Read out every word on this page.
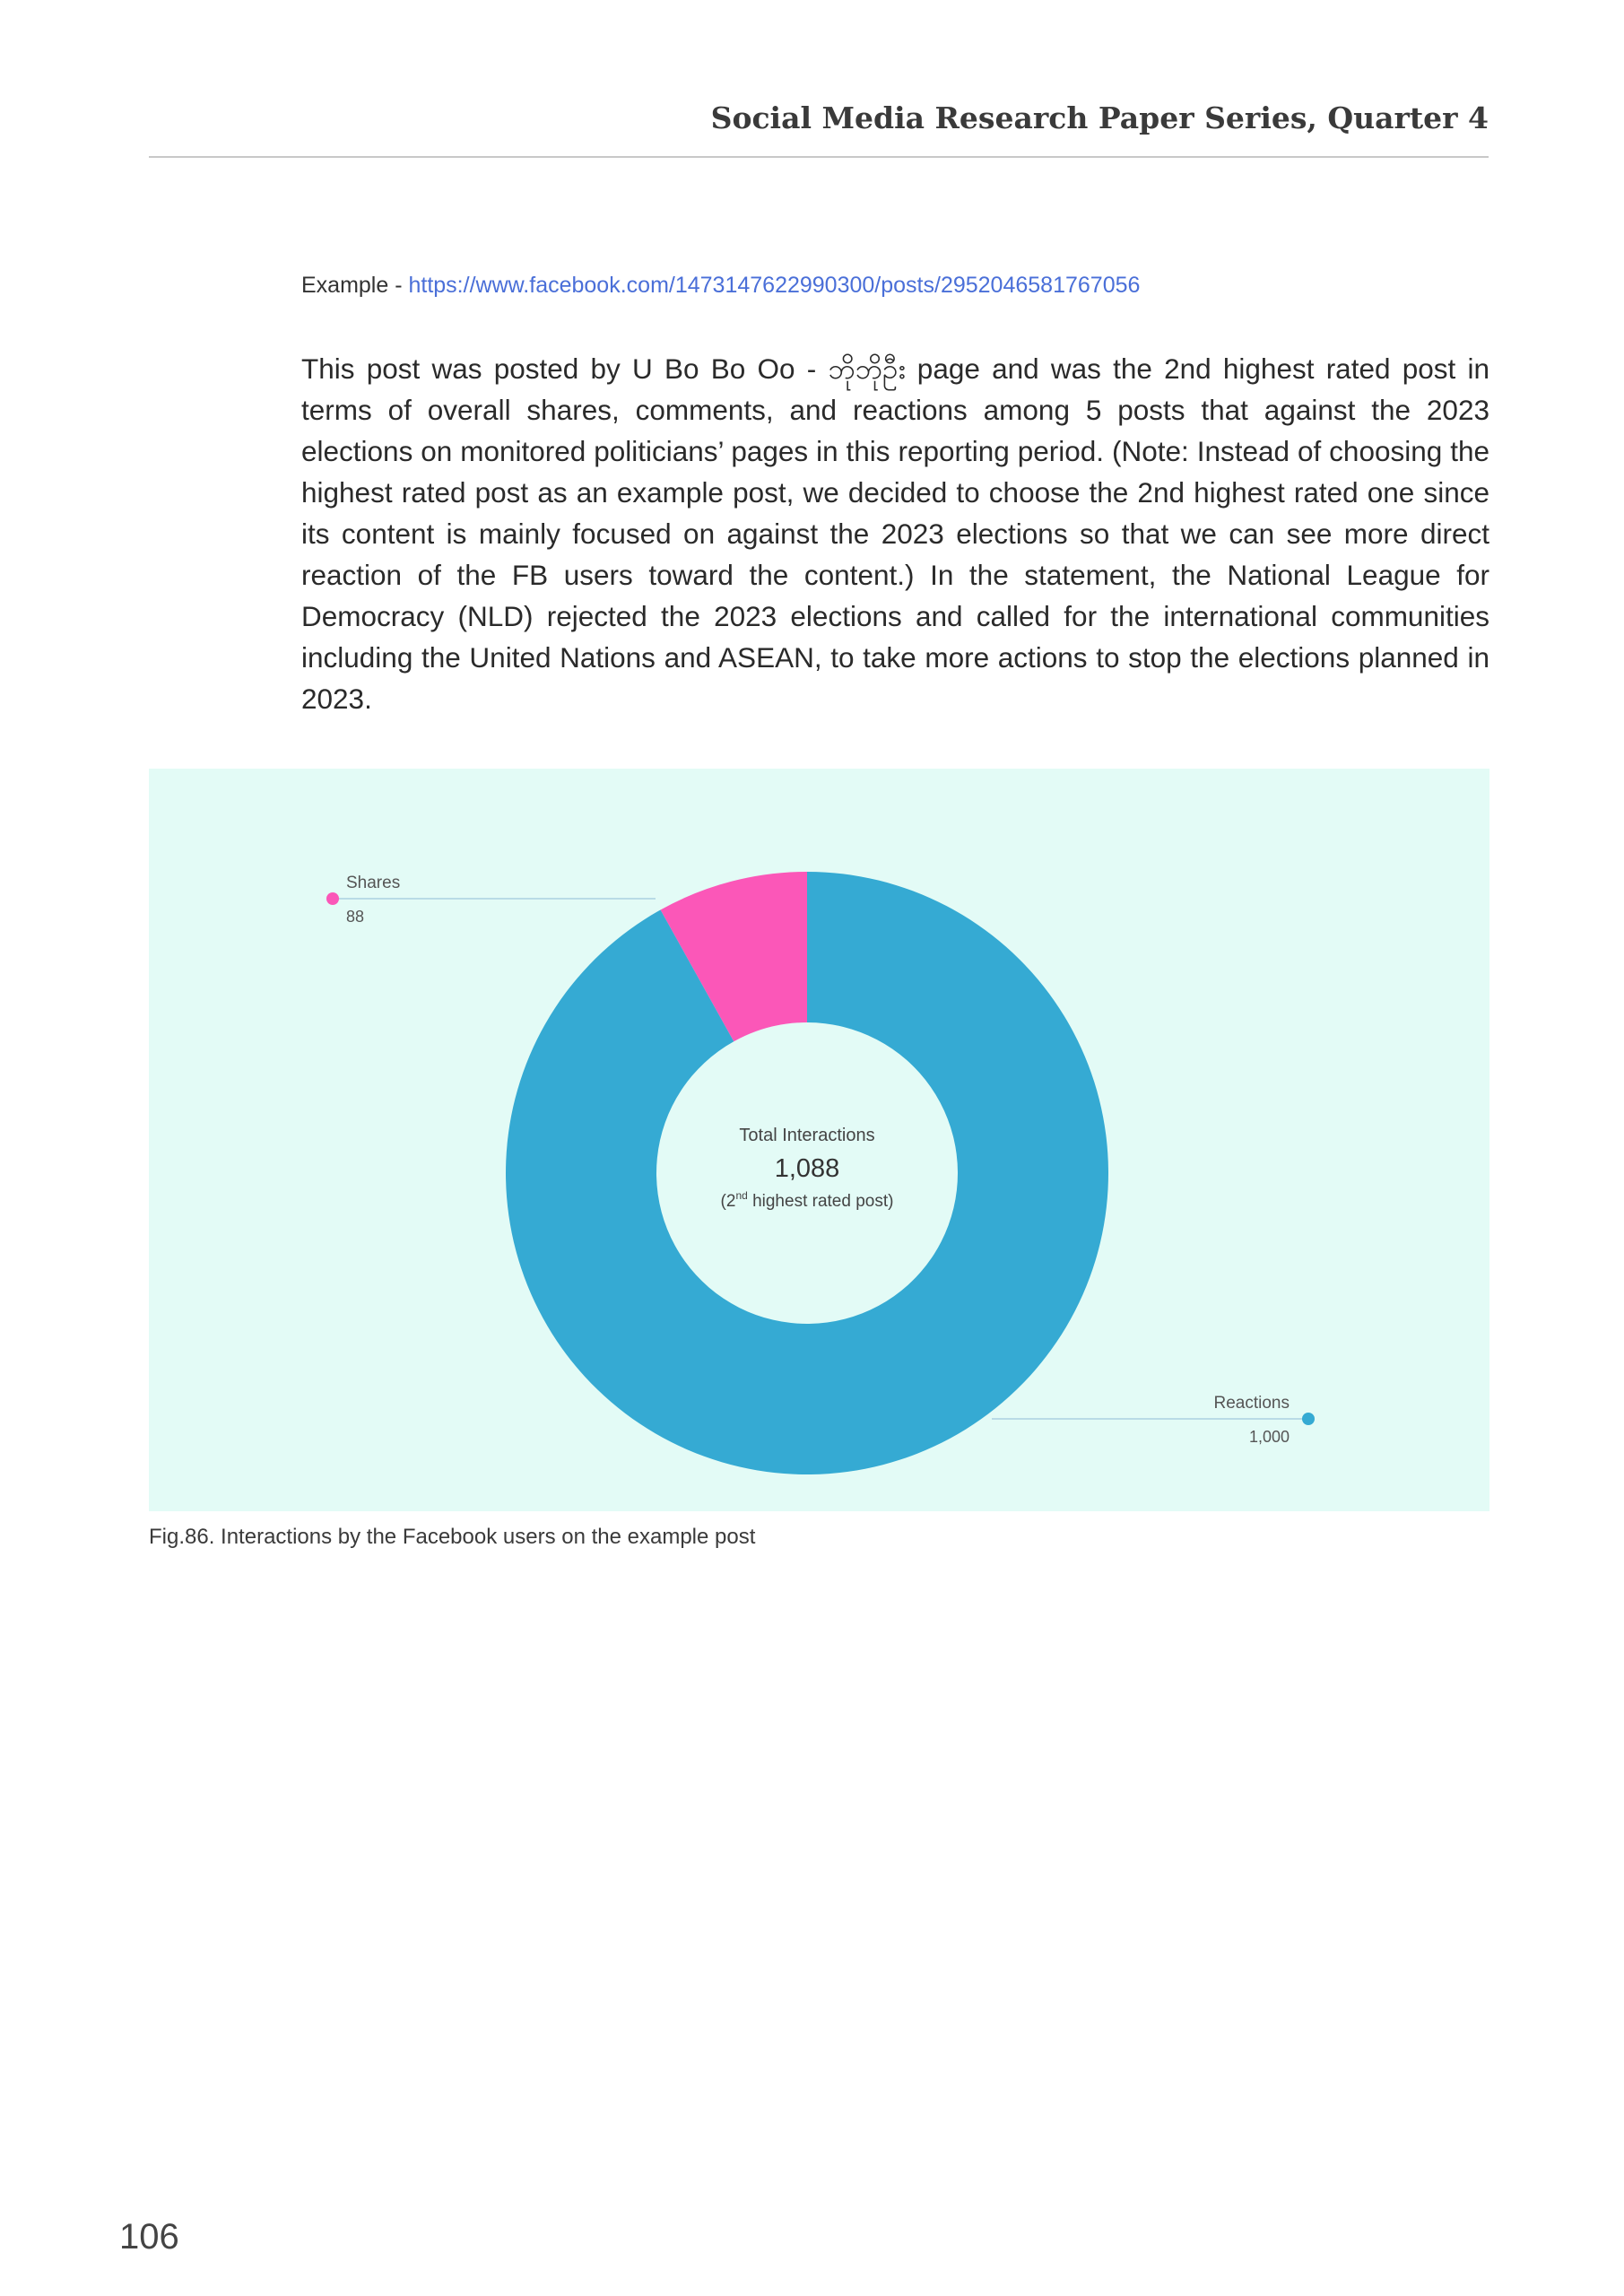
Social Media Research Paper Series, Quarter 4
Example - https://www.facebook.com/1473147622990300/posts/2952046581767056

This post was posted by U Bo Bo Oo - ဘိုဘိုဦး page and was the 2nd highest rated post in terms of overall shares, comments, and reactions among 5 posts that against the 2023 elections on monitored politicians’ pages in this reporting period. (Note: Instead of choosing the highest rated post as an example post, we decided to choose the 2nd highest rated one since its content is mainly focused on against the 2023 elections so that we can see more direct reaction of the FB users toward the content.) In the statement, the National League for Democracy (NLD) rejected the 2023 elections and called for the international communities including the United Nations and ASEAN, to take more actions to stop the elections planned in 2023.

Shares
88
Reactions
1,000
Total Interactions
1,088
(2nd highest rated post)
Fig.86. Interactions by the Facebook users on the example post
106
